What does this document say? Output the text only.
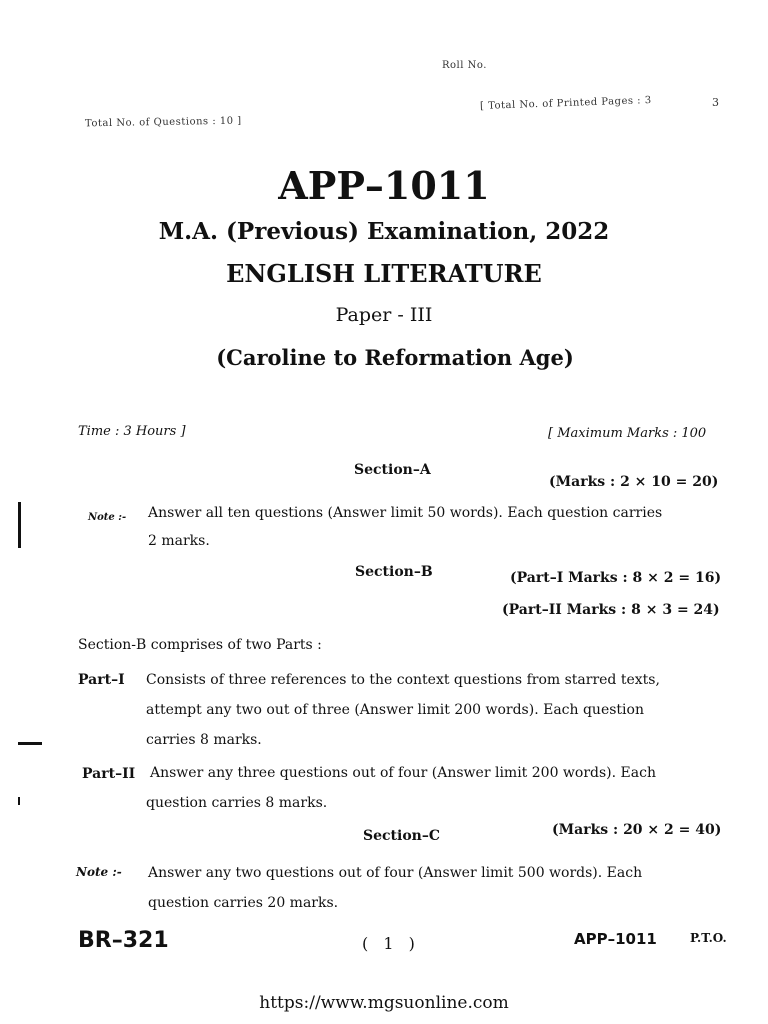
Roll No.
Total No. of Questions : 10 ]
[ Total No. of Printed Pages : 3	3
APP–1011
M.A. (Previous) Examination, 2022
ENGLISH LITERATURE
Paper - III
(Caroline to Reformation Age)
Time : 3 Hours ]	[ Maximum Marks : 100
Section–A
(Marks : 2 × 10 = 20)
Note :- Answer all ten questions (Answer limit 50 words). Each question carries
2 marks.
Section–B	(Part–I Marks : 8 × 2 = 16)
(Part–II Marks : 8 × 3 = 24)
Section-B comprises of two Parts :
Part–I Consists of three references to the context questions from starred texts,
attempt any two out of three (Answer limit 200 words). Each question
carries 8 marks.
Part–II Answer any three questions out of four (Answer limit 200 words). Each
question carries 8 marks.
Section–C	(Marks : 20 × 2 = 40)
Note :- Answer any two questions out of four (Answer limit 500 words). Each
question carries 20 marks.
BR–321	( 1 )	APP–1011	P.T.O.
https://www.mgsuonline.com
